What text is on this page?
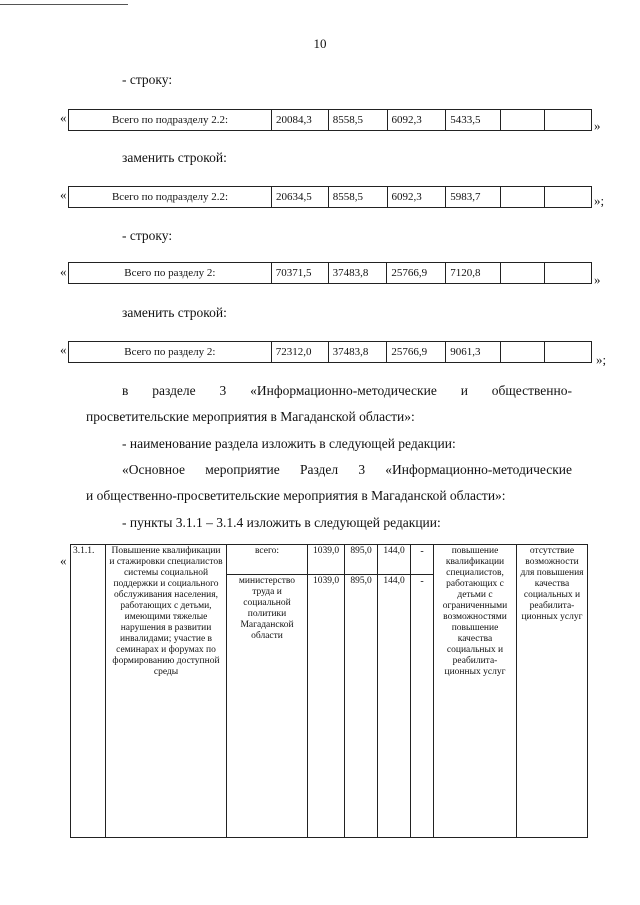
10
- строку:
«	Всего по подразделу 2.2:	20084,3	8558,5	6092,3	5433,5			»
заменить строкой:
«	Всего по подразделу 2.2:	20634,5	8558,5	6092,3	5983,7			»;
- строку:
«	Всего по разделу 2:	70371,5	37483,8	25766,9	7120,8			»
заменить строкой:
«	Всего по разделу 2:	72312,0	37483,8	25766,9	9061,3			»;
в разделе 3 «Информационно-методические и общественно-
просветительские мероприятия в Магаданской области»:
- наименование раздела изложить в следующей редакции:
«Основное мероприятие Раздел 3 «Информационно-методические
и общественно-просветительские мероприятия в Магаданской области»:
- пункты 3.1.1 – 3.1.4 изложить в следующей редакции:
«
3.1.1.	Повышение квалификации и стажировки специалистов системы социальной поддержки и социального обслуживания населения, работающих с детьми, имеющими тяжелые нарушения в развитии инвалидами; участие в семинарах и форумах по формированию доступной среды	всего:	1039,0	895,0	144,0	-	повышение квалификации специалистов, работающих с детьми с ограниченными возможностями повышение качества социальных и реабилита-ционных услуг	отсутствие возможности для повышения качества социальных и реабилита-ционных услуг
		министерство труда и социальной политики Магаданской области	1039,0	895,0	144,0	-		
